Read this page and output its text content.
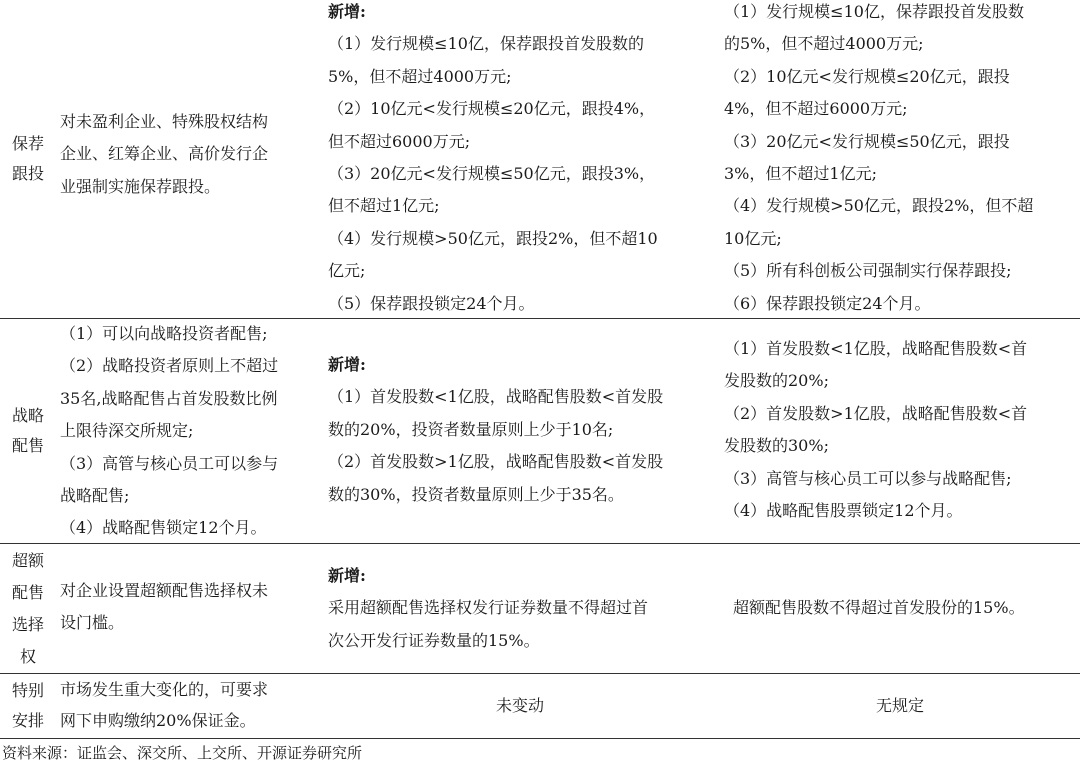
保荐跟投

对未盈利企业、特殊股权结构

企业、红筹企业、高价发行企

业强制实施保荐跟投。

新增:

（1）发行规模≤10亿，保荐跟投首发股数的

5%，但不超过4000万元;

（2）10亿元<发行规模≤20亿元，跟投4%，

但不超过6000万元;

（3）20亿元<发行规模≤50亿元，跟投3%，

但不超过1亿元;

（4）发行规模>50亿元，跟投2%，但不超10

亿元;

（5）保荐跟投锁定24个月。

（1）发行规模≤10亿，保荐跟投首发股数

的5%，但不超过4000万元;

（2）10亿元<发行规模≤20亿元，跟投

4%，但不超过6000万元;

（3）20亿元<发行规模≤50亿元，跟投

3%，但不超过1亿元;

（4）发行规模>50亿元，跟投2%，但不超

10亿元;

（5）所有科创板公司强制实行保荐跟投;

（6）保荐跟投锁定24个月。

战略配售

（1）可以向战略投资者配售;

（2）战略投资者原则上不超过

35名,战略配售占首发股数比例

上限待深交所规定;

（3）高管与核心员工可以参与

战略配售;

（4）战略配售锁定12个月。

新增:

（1）首发股数<1亿股，战略配售股数<首发股

数的20%，投资者数量原则上少于10名;

（2）首发股数>1亿股，战略配售股数<首发股

数的30%，投资者数量原则上少于35名。

（1）首发股数<1亿股，战略配售股数<首

发股数的20%;

（2）首发股数>1亿股，战略配售股数<首

发股数的30%;

（3）高管与核心员工可以参与战略配售;

（4）战略配售股票锁定12个月。

超额配售选择权

对企业设置超额配售选择权未

设门槛。

新增:

采用超额配售选择权发行证券数量不得超过首

次公开发行证券数量的15%。

超额配售股数不得超过首发股份的15%。

特别安排

市场发生重大变化的，可要求

网下申购缴纳20%保证金。

未变动	无规定

资料来源：证监会、深交所、上交所、开源证券研究所
